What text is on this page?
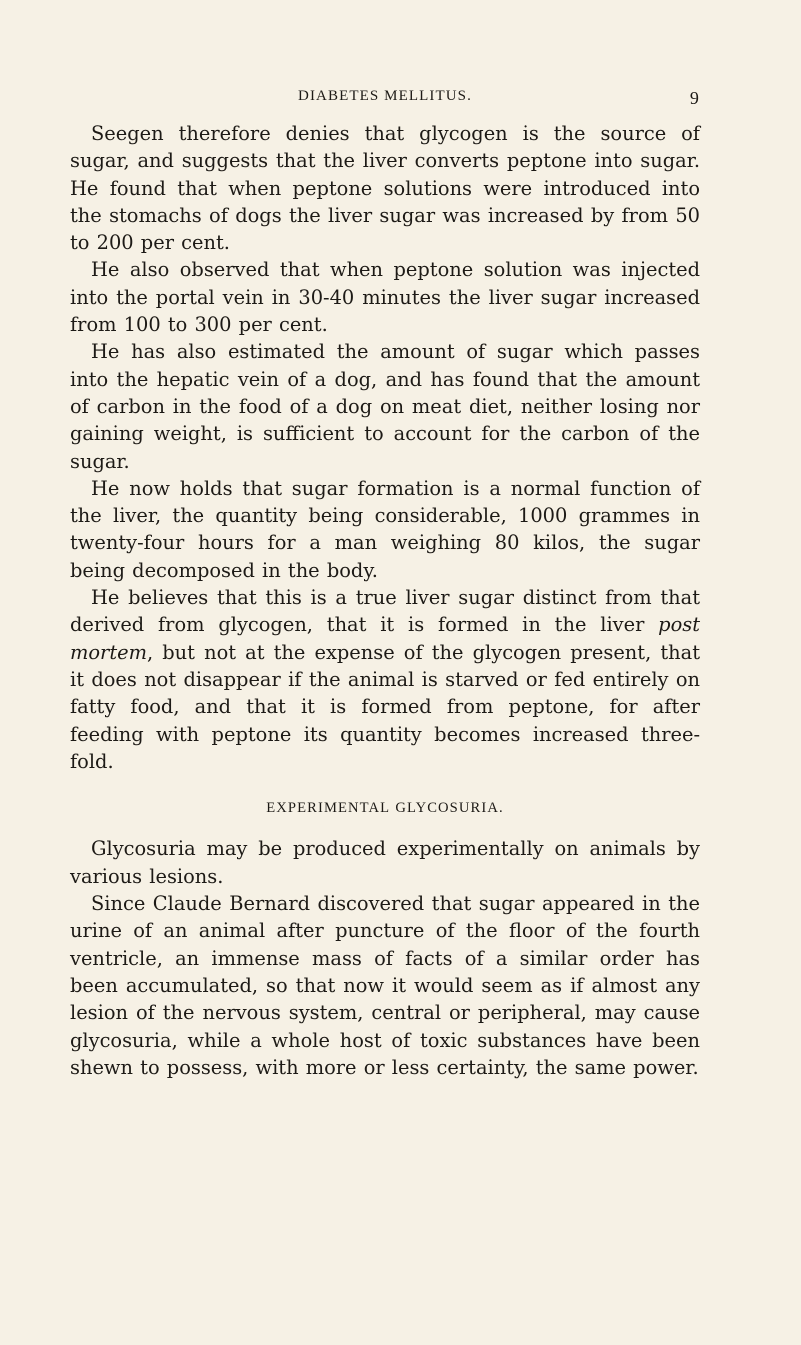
DIABETES MELLITUS.	9

Seegen therefore denies that glycogen is the source of sugar, and suggests that the liver converts peptone into sugar. He found that when peptone solutions were introduced into the stomachs of dogs the liver sugar was increased by from 50 to 200 per cent.

He also observed that when peptone solution was injected into the portal vein in 30-40 minutes the liver sugar increased from 100 to 300 per cent.

He has also estimated the amount of sugar which passes into the hepatic vein of a dog, and has found that the amount of carbon in the food of a dog on meat diet, neither losing nor gaining weight, is sufficient to account for the carbon of the sugar.

He now holds that sugar formation is a normal function of the liver, the quantity being considerable, 1000 grammes in twenty-four hours for a man weighing 80 kilos, the sugar being decomposed in the body.

He believes that this is a true liver sugar distinct from that derived from glycogen, that it is formed in the liver post mortem, but not at the expense of the glycogen present, that it does not disappear if the animal is starved or fed entirely on fatty food, and that it is formed from peptone, for after feeding with peptone its quantity becomes increased three-fold.

EXPERIMENTAL GLYCOSURIA.

Glycosuria may be produced experimentally on animals by various lesions.

Since Claude Bernard discovered that sugar appeared in the urine of an animal after puncture of the floor of the fourth ventricle, an immense mass of facts of a similar order has been accumulated, so that now it would seem as if almost any lesion of the nervous system, central or peripheral, may cause glycosuria, while a whole host of toxic substances have been shewn to possess, with more or less certainty, the same power.
